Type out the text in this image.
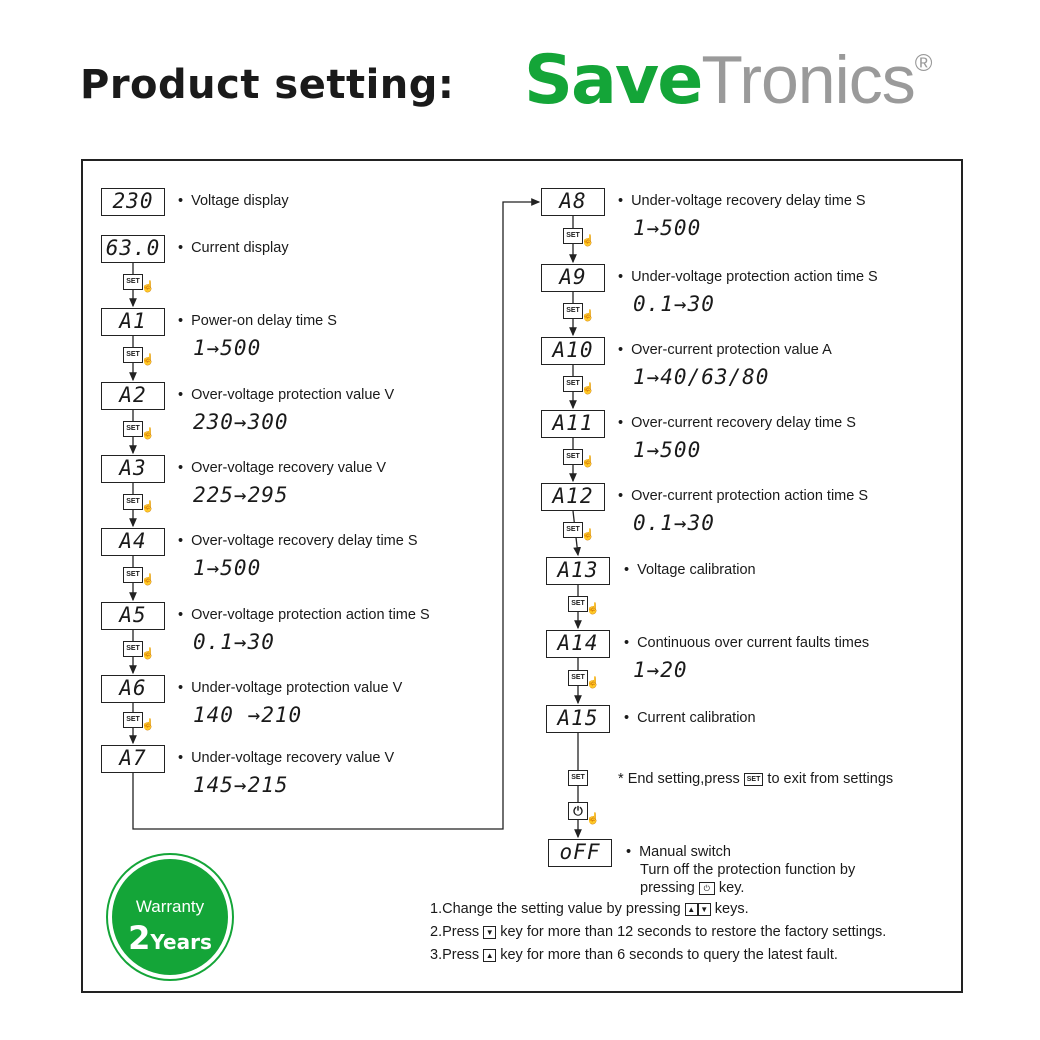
Product setting: SaveTronics®
230	• Voltage display
63.0	• Current display
SET ☝
A1	• Power-on delay time S
1→500
SET ☝
A2	• Over-voltage protection value V
230→300
SET ☝
A3	• Over-voltage recovery value V
225→295
SET ☝
A4	• Over-voltage recovery delay time S
1→500
SET ☝
A5	• Over-voltage protection action time S
0.1→30
SET ☝
A6	• Under-voltage protection value V
140 →210
SET ☝
A7	• Under-voltage recovery value V
145→215
A8	• Under-voltage recovery delay time S
1→500
SET ☝
A9	• Under-voltage protection action time S
0.1→30
SET ☝
A10	• Over-current protection value A
1→40/63/80
SET ☝
A11	• Over-current recovery delay time S
1→500
SET ☝
A12	• Over-current protection action time S
0.1→30
SET ☝
A13	• Voltage calibration
SET ☝
A14	• Continuous over current faults times
1→20
SET ☝
A15	• Current calibration
SET
⏻
☝
* End setting,press SET to exit from settings
oFF	• Manual switch
Turn off the protection function by
pressing ⏻ key.
1.Change the setting value by pressing ▲ ▼ keys.
2.Press ▼ key for more than 12 seconds to restore the factory settings.
3.Press ▲ key for more than 6 seconds to query the latest fault.
Warranty
2Years
